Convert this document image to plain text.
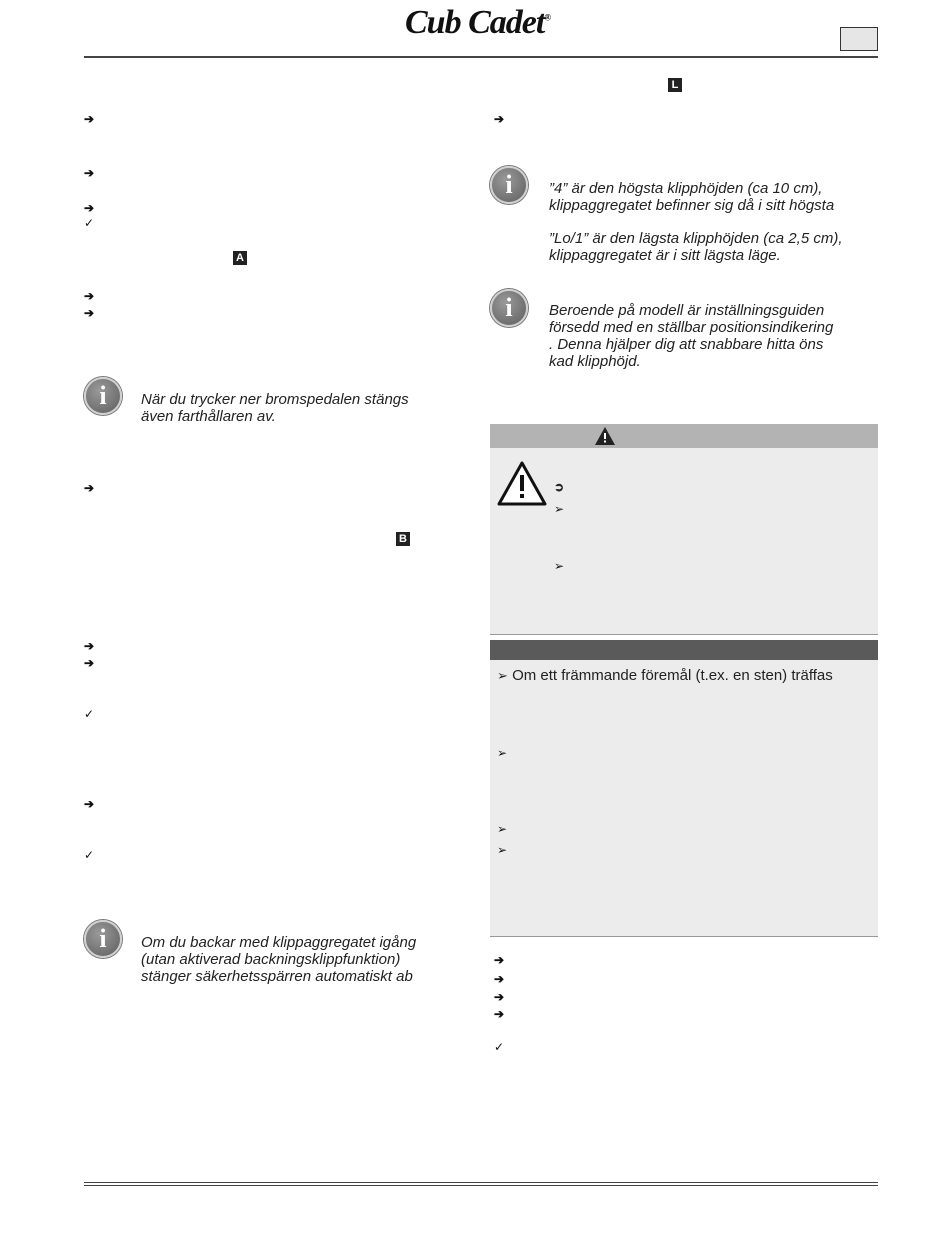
Cub Cadet®
➔
➔
➔
✓
A
➔
➔
i	När du trycker ner bromspedalen stängs
även farthållaren av.
➔
B
➔
➔
✓
➔
✓
i	Om du backar med klippaggregatet igång
(utan aktiverad backningsklippfunktion)
stänger säkerhetsspärren automatiskt ab
L
➔
i	”4” är den högsta klipphöjden (ca 10 cm),
klippaggregatet befinner sig då i sitt högsta
”Lo/1” är den lägsta klipphöjden (ca 2,5 cm),
klippaggregatet är i sitt lägsta läge.
i	Beroende på modell är inställningsguiden
försedd med en ställbar positionsindikering
. Denna hjälper dig att snabbare hitta öns
kad klipphöjd.
➲
➢
➢
➢ Om ett främmande föremål (t.ex. en sten) träffas
➢
➢
➢
➔
➔
➔
➔
✓
